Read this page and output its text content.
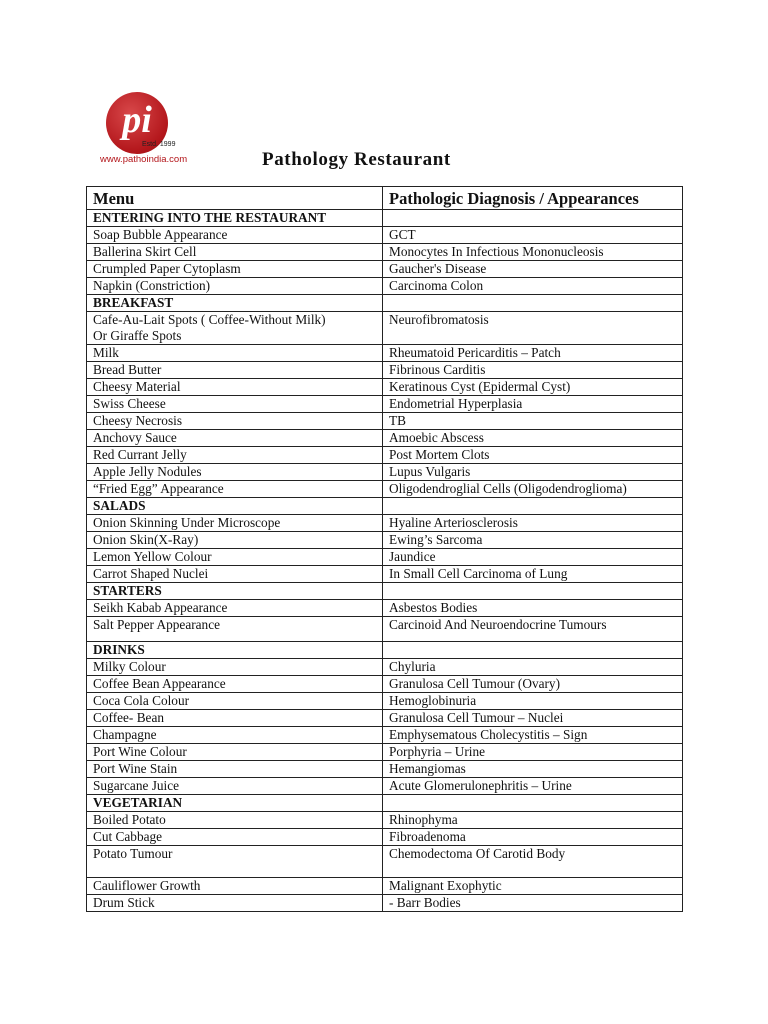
pi
Estd. 1999
www.pathoindia.com	Pathology Restaurant
Menu	Pathologic Diagnosis / Appearances

ENTERING INTO THE RESTAURANT	

Soap Bubble Appearance	GCT

Ballerina Skirt Cell	Monocytes In Infectious Mononucleosis

Crumpled Paper Cytoplasm	Gaucher's Disease

Napkin (Constriction)	Carcinoma Colon

BREAKFAST	

Cafe-Au-Lait Spots ( Coffee-Without Milk)
Or Giraffe Spots	Neurofibromatosis

Milk	Rheumatoid Pericarditis – Patch

Bread Butter	Fibrinous Carditis

Cheesy Material	Keratinous Cyst (Epidermal Cyst)

Swiss Cheese	Endometrial Hyperplasia

Cheesy Necrosis	TB

Anchovy Sauce	Amoebic Abscess

Red Currant Jelly	Post Mortem Clots

Apple Jelly Nodules	Lupus Vulgaris

“Fried Egg” Appearance	Oligodendroglial Cells (Oligodendroglioma)

SALADS	

Onion Skinning Under Microscope	Hyaline Arteriosclerosis

Onion Skin(X-Ray)	Ewing’s Sarcoma

Lemon Yellow Colour	Jaundice

Carrot Shaped Nuclei	In Small Cell Carcinoma of Lung

STARTERS	

Seikh Kabab Appearance	Asbestos Bodies

Salt Pepper Appearance	Carcinoid And Neuroendocrine Tumours

DRINKS	

Milky Colour	Chyluria

Coffee Bean Appearance	Granulosa Cell Tumour (Ovary)

Coca Cola Colour	Hemoglobinuria

Coffee- Bean	Granulosa Cell Tumour – Nuclei

Champagne	Emphysematous Cholecystitis – Sign

Port Wine Colour	Porphyria – Urine

Port Wine Stain	Hemangiomas

Sugarcane Juice	Acute Glomerulonephritis – Urine

VEGETARIAN	

Boiled Potato	Rhinophyma

Cut Cabbage	Fibroadenoma

Potato Tumour	Chemodectoma Of Carotid Body

Cauliflower Growth	Malignant Exophytic

Drum Stick	- Barr Bodies
